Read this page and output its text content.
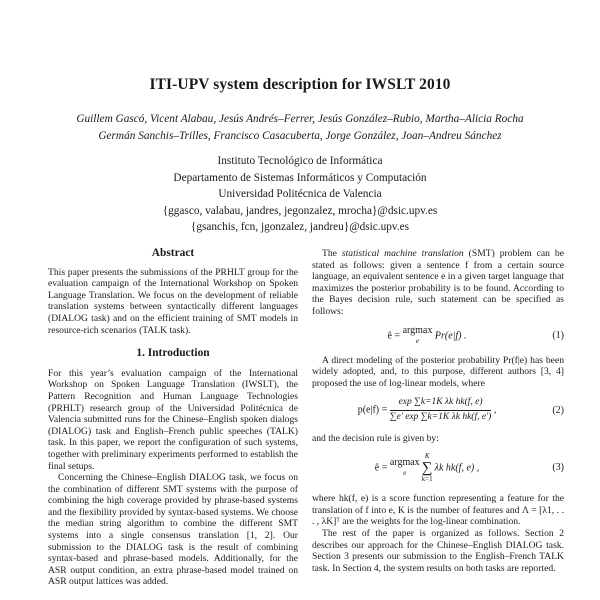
ITI-UPV system description for IWSLT 2010
Guillem Gascó, Vicent Alabau, Jesús Andrés–Ferrer, Jesús González–Rubio, Martha–Alicia Rocha
Germán Sanchis–Trilles, Francisco Casacuberta, Jorge González, Joan–Andreu Sánchez
Instituto Tecnológico de Informática
Departamento de Sistemas Informáticos y Computación
Universidad Politécnica de Valencia
{ggasco, valabau, jandres, jegonzalez, mrocha}@dsic.upv.es
{gsanchis, fcn, jgonzalez, jandreu}@dsic.upv.es
Abstract

This paper presents the submissions of the PRHLT group for the evaluation campaign of the International Workshop on Spoken Language Translation. We focus on the development of reliable translation systems between syntactically different languages (DIALOG task) and on the efficient training of SMT models in resource-rich scenarios (TALK task).

1. Introduction

For this year’s evaluation campaign of the International Workshop on Spoken Language Translation (IWSLT), the Pattern Recognition and Human Language Technologies (PRHLT) research group of the Universidad Politécnica de Valencia submitted runs for the Chinese–English spoken dialogs (DIALOG) task and English–French public speeches (TALK) task. In this paper, we report the configuration of such systems, together with preliminary experiments performed to establish the final setups.

Concerning the Chinese–English DIALOG task, we focus on the combination of different SMT systems with the purpose of combining the high coverage provided by phrase-based systems and the flexibility provided by syntax-based systems. We choose the median string algorithm to combine the different SMT systems into a single consensus translation [1, 2]. Our submission to the DIALOG task is the result of combining syntax-based and phrase-based models. Additionally, for the ASR output condition, an extra phrase-based model trained on ASR output lattices was added.

The statistical machine translation (SMT) problem can be stated as follows: given a sentence f from a certain source language, an equivalent sentence e in a given target language that maximizes the posterior probability is to be found. According to the Bayes decision rule, such statement can be specified as follows:

ê = argmax
e	Pr(e|f) .	(1)

A direct modeling of the posterior probability Pr(f|e) has been widely adopted, and, to this purpose, different authors [3, 4] proposed the use of log-linear models, where

$p(e|f) = \frac{\text{exp ∑k=1K λk hk(f, e)}}{\text{∑e′ exp ∑k=1K λk hk(f, e′)}}$ ,	(2)

and the decision rule is given by:

ê = argmax
e
K
∑
k=1
λk hk(f, e) ,	(3)

where hk(f, e) is a score function representing a feature for the translation of f into e, K is the number of features and Λ = [λ1, . . . , λK]ᵀ are the weights for the log-linear combination.

The rest of the paper is organized as follows. Section 2 describes our approach for the Chinese–English DIALOG task. Section 3 presents our submission to the English–French TALK task. In Section 4, the system results on both tasks are reported.
